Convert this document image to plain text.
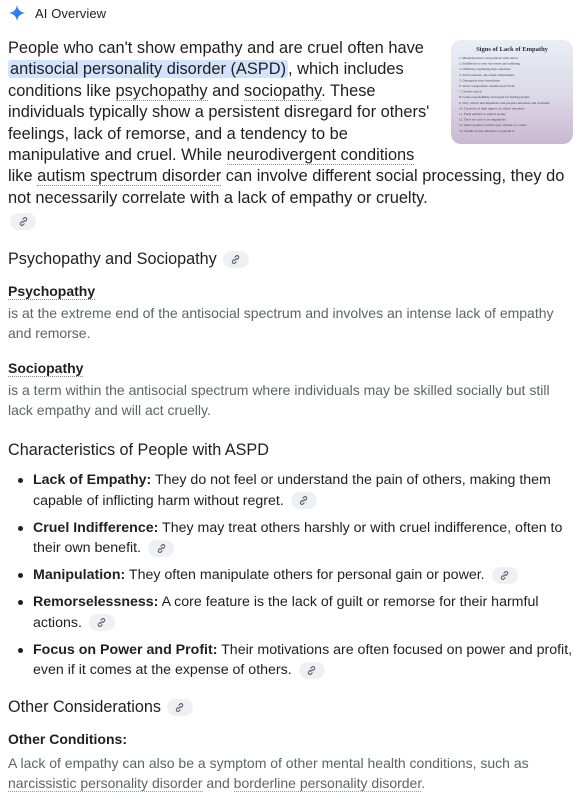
AI Overview
Signs of Lack of Empathy
1. Misunderstand conversations with others
2. Indifferent to your successes and suffering
3. Difficulty regulating their emotions
4. Self-Centered, one-sided relationships
5. Disregards your boundaries
6. Won't compromise, dismiss need from
7. Overly critical
8. Lacks responsibility and regret for hurting people
9. Very critical and impatient with people's emotions and problems
10. Unaware of their impact on others' emotions
11. Feels entitled to exploit people
12. Does not care to be empathetic
13. Other people's world is just a threat to a cause
14. Unable to feel emotions or pretend to

People who can't show empathy and are cruel often have antisocial personality disorder (ASPD) , which includes conditions like psychopathy and sociopathy. These individuals typically show a persistent disregard for others' feelings, lack of remorse, and a tendency to be manipulative and cruel. While neurodivergent conditions like autism spectrum disorder can involve different social processing, they do not necessarily correlate with a lack of empathy or cruelty.

Psychopathy and Sociopathy
Psychopathy
is at the extreme end of the antisocial spectrum and involves an intense lack of empathy and remorse.
Sociopathy
is a term within the antisocial spectrum where individuals may be skilled socially but still lack empathy and will act cruelly.
Characteristics of People with ASPD
Lack of Empathy: They do not feel or understand the pain of others, making them capable of inflicting harm without regret.
Cruel Indifference: They may treat others harshly or with cruel indifference, often to their own benefit.
Manipulation: They often manipulate others for personal gain or power.
Remorselessness: A core feature is the lack of guilt or remorse for their harmful actions.
Focus on Power and Profit: Their motivations are often focused on power and profit, even if it comes at the expense of others.
Other Considerations
Other Conditions:
A lack of empathy can also be a symptom of other mental health conditions, such as narcissistic personality disorder and borderline personality disorder.
